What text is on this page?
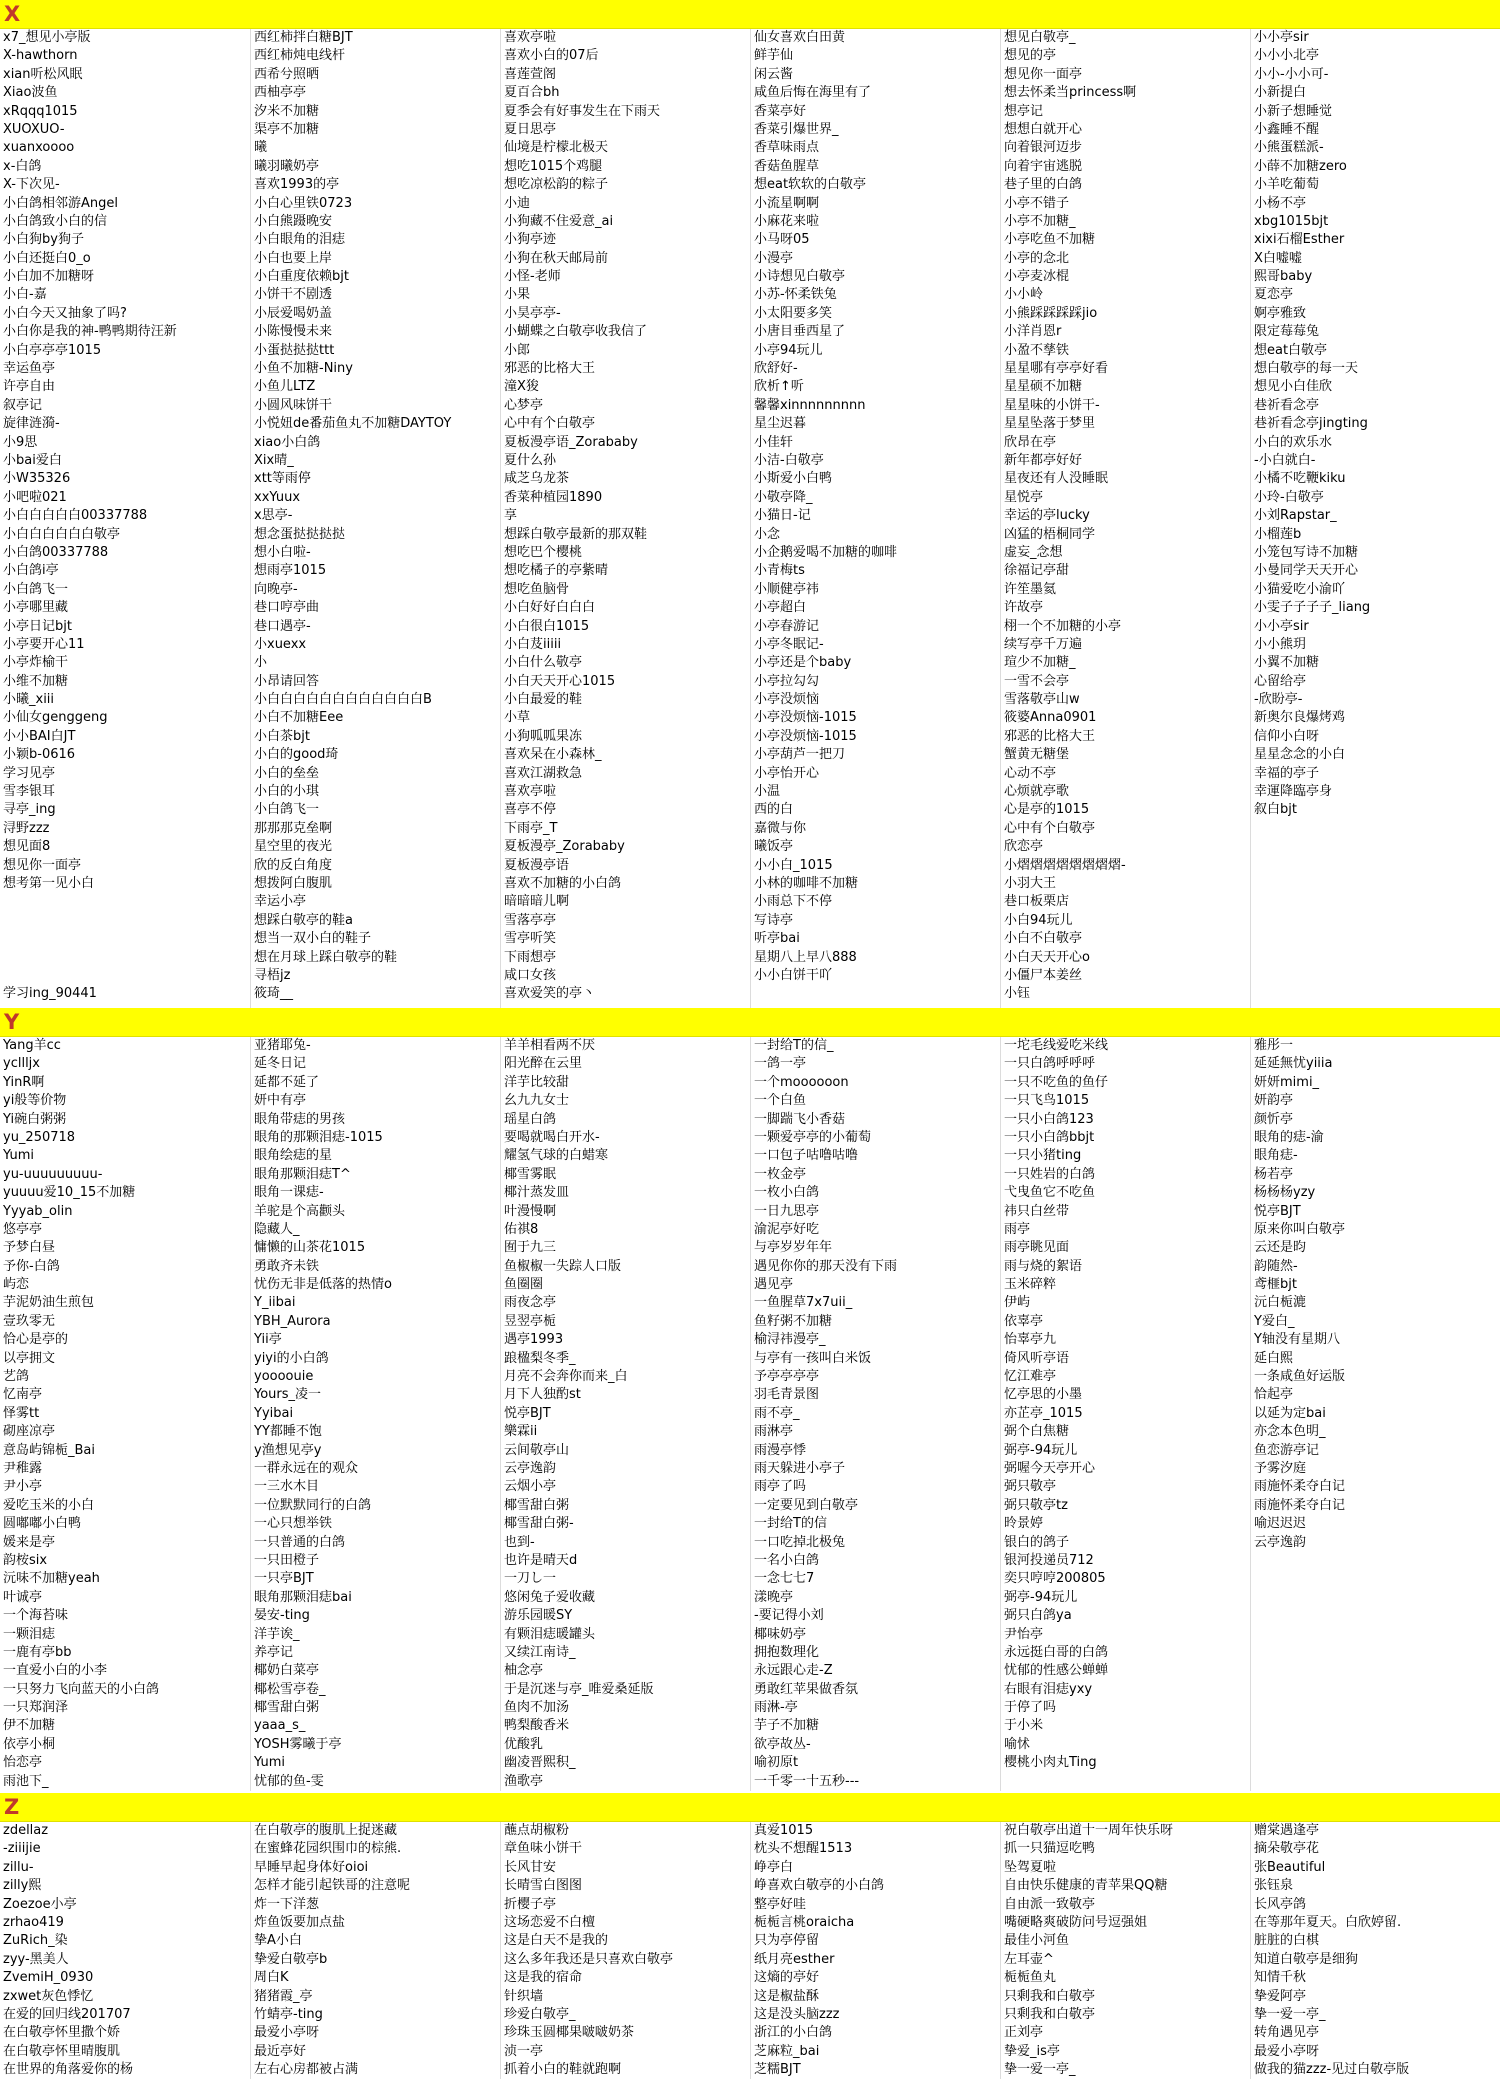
X
x7_想见小亭版
X-hawthorn
xian听松风眠
Xiao波鱼
xRqqq1015
XUOXUO-
xuanxoooo
x-白鸽
X-下次见-
小白鸽相邻游Angel
小白鸽致小白的信
小白狗by狗子
小白还挺白0_o
小白加不加糖呀
小白-嘉
小白今天又抽象了吗?
小白你是我的神-鸭鸭期待汪新
小白亭亭亭1015
幸运鱼亭
许亭自由
叙亭记
旋律涟漪-
小9思
小bai爱白
小W35326
小吧啦021
小白白白白白00337788
小白白白白白白敬亭
小白鸽00337788
小白鸽i亭
小白鸽飞一
小亭哪里藏
小亭日记bjt
小亭要开心11
小亭炸榆干
小维不加糖
小曦_xiii
小仙女genggeng
小小BAI白JT
小颖b-0616
学习见亭
雪李银耳
寻亭_ing
浔野zzz
想见面8
想见你一面亭
想考第一见小白
学习ing_90441
西红柿拌白糖BJT
西红柿炖电线杆
西希兮照晒
西柚亭亭
汐米不加糖
渠亭不加糖
曦
曦羽曦奶亭
喜欢1993的亭
小白心里铁0723
小白熊蹑晚安
小白眼角的泪痣
小白也要上岸
小白重度依赖bjt
小饼干不剧透
小辰爱喝奶盖
小陈慢慢未来
小蛋挞挞挞ttt
小鱼不加糖-Niny
小鱼儿LTZ
小圆风味饼干
小悦妞de番茄鱼丸不加糖DAYTOY
xiao小白鸽
Xix晴_
xtt等雨停
xxYuux
x思亭-
想念蛋挞挞挞挞
想小白啦-
想雨亭1015
向晚亭-
巷口哼亭曲
巷口遇亭-
小xuexx
小
小昂请回答
小白白白白白白白白白白白白B
小白不加糖Eee
小白茶bjt
小白的good琦
小白的垒垒
小白的小琪
小白鸽飞一
那那那克垒啊
星空里的夜光
欣的反白角度
想拨阿白腹肌
幸运小亭
想踩白敬亭的鞋a
想当一双小白的鞋子
想在月球上踩白敬亭的鞋
寻梧jz
筱琦__
喜欢亭啦
喜欢小白的07后
喜莲萱阁
夏百合bh
夏季会有好事发生在下雨天
夏日思亭
仙境是柠檬北极天
想吃1015个鸡腿
想吃凉松韵的粽子
小迪
小狗藏不住爱意_ai
小狗亭迹
小狗在秋天邮局前
小怪-老师
小果
小昊亭亭-
小蝴蝶之白敬亭收我信了
小郎
邪恶的比格大王
潼X狻
心梦亭
心中有个白敬亭
夏板漫亭语_Zorababy
夏什么孙
咸芝乌龙茶
香菜种植园1890
享
想踩白敬亭最新的那双鞋
想吃巴个樱桃
想吃橘子的亭紫晴
想吃鱼脑骨
小白好好白白白
小白很白1015
小白芨iiiii
小白什么敬亭
小白天天开心1015
小白最爱的鞋
小草
小狗呱呱果冻
喜欢呆在小森林_
喜欢江湖救急
喜欢亭啦
喜亭不停
下雨亭_T
夏板漫亭_Zorababy
夏板漫亭语
喜欢不加糖的小白鸽
暗暗暗儿啊
雪落亭亭
雪亭听笑
下雨想亭
咸口女孩
喜欢爱笑的亭丶
仙女喜欢白田黄
鲜芋仙
闲云酱
咸鱼后悔在海里有了
香菜亭好
香菜引爆世界_
香草味雨点
香菇鱼腥草
想eat软软的白敬亭
小流星啊啊
小麻花来啦
小马呀05
小漫亭
小诗想见白敬亭
小苏-怀柔铁兔
小太阳要多笑
小唐目垂西星了
小亭94玩儿
欣舒好-
欣析↑听
馨馨xinnnnnnnnn
星尘迟暮
小佳轩
小洁-白敬亭
小斯爱小白鸭
小敬亭降_
小猫日-记
小念
小企鹅爱喝不加糖的咖啡
小青梅ts
小顺健亭祎
小亭超白
小亭春游记
小亭冬眠记-
小亭还是个baby
小亭拉勾勾
小亭没烦恼
小亭没烦恼-1015
小亭没烦恼-1015
小亭葫芦一把刀
小亭怡开心
小温
西的白
嘉微与你
曦饭亭
小小白_1015
小林的咖啡不加糖
小雨总下不停
写诗亭
听亭bai
星期八上早八888
小小白饼干吖
想见白敬亭_
想见的亭
想见你一面亭
想去怀柔当princess啊
想亭记
想想白就开心
向着银河迈步
向着宇宙逃脱
巷子里的白鸽
小亭不错子
小亭不加糖_
小亭吃鱼不加糖
小亭的念北
小亭麦冰棍
小小岭
小熊踩踩踩踩jio
小洋肖恩r
小盈不孳铁
星星哪有亭亭好看
星星硕不加糖
星星味的小饼干-
星星坠落于梦里
欣昂在亭
新年都亭好好
星夜还有人没睡眠
星悦亭
幸运的亭lucky
凶猛的梧桐同学
虚妄_念想
徐福记亭甜
许笙墨氦
许故亭
栩一个不加糖的小亭
续写亭千万遍
瑄少不加糖_
一雪不会亭
雪落敬亭山w
筱婆Anna0901
邪恶的比格大王
蟹黄无糖堡
心动不亭
心烦就亭歌
心是亭的1015
心中有个白敬亭
欣恋亭
小熠熠熠熠熠熠熠熠-
小羽大王
巷口板栗店
小白94玩儿
小白不白敬亭
小白天天开心o
小僵尸本姜丝
小钰
小小亭sir
小小小北亭
小小-小小可-
小新提白
小新子想睡觉
小鑫睡不醒
小熊蛋糕派-
小薛不加糖zero
小羊吃葡萄
小杨不亭
xbg1015bjt
xixi石榴Esther
X白嘘嘘
熙哥baby
夏恋亭
婀亭雅致
限定莓莓兔
想eat白敬亭
想白敬亭的每一天
想见小白佳欣
巷祈看念亭
巷祈看念亭jingting
小白的欢乐水
-小白就白-
小橘不吃鞭kiku
小玲-白敬亭
小刘Rapstar_
小榴莲b
小笼包写诗不加糖
小曼同学天天开心
小猫爱吃小渝吖
小雯子子子子_liang
小小亭sir
小小熊玥
小翼不加糖
心留给亭
-欣盼亭-
新奥尔良爆烤鸡
信仰小白呀
星星念念的小白
幸福的亭子
幸運降臨亭身
叙白bjt
Y
Yang羊cc
ycllljx
YinR啊
yi般等价物
Yi碗白粥粥
yu_250718
Yumi
yu-uuuuuuuuu-
yuuuu爱10_15不加糖
Yyyab_olin
悠亭亭
予梦白昼
予你-白鸽
屿恋
芋泥奶油生煎包
壹玖零无
恰心是亭的
以亭拥文
艺鸽
忆南亭
怿雾tt
砌座凉亭
意岛屿锦栀_Bai
尹稚露
尹小亭
爱吃玉米的小白
圆嘟嘟小白鸭
媛来是亭
韵桉six
沅味不加糖yeah
叶诚亭
一个海苔味
一颗泪痣
一鹿有亭bb
一直爱小白的小李
一只努力飞向蓝天的小白鸽
一只郑润泽
伊不加糖
依亭小桐
怡恋亭
雨池下_
亚猪耶兔-
延冬日记
延都不延了
妍中有亭
眼角带痣的男孩
眼角的那颗泪痣-1015
眼角绘痣的星
眼角那颗泪痣T^
眼角一课痣-
羊驼是个高颧头
隐藏人_
慵懒的山茶花1015
勇敢齐未铁
忧伤无非是低落的热情o
Y_iibai
YBH_Aurora
Yii亭
yiyi的小白鸽
yoooouie
Yours_凌一
Yyibai
YY都睡不饱
y渔想见亭y
一群永远在的观众
一三水木目
一位默默同行的白鸽
一心只想举铁
一只普通的白鸽
一只田橙子
一只亭BJT
眼角那颗泪痣bai
晏安-ting
洋芋诶_
养亭记
椰奶白菜亭
椰松雪亭卷_
椰雪甜白粥
yaaa_s_
YOSH雾曦于亭
Yumi
忧郁的鱼-雯
羊羊相看两不厌
阳光醉在云里
洋芋比较甜
幺九九女士
瑶星白鸽
要喝就喝白开水-
耀氢气球的白蜡寒
椰雪雾眠
椰汁蒸发皿
叶漫慢啊
佑祺8
囿于九三
鱼椒椒一失踪人口版
鱼圈圈
雨夜念亭
昱翌亭栀
遇亭1993
踉楹梨冬季_
月亮不会奔你而来_白
月下人独酌st
悦亭BJT
樂霖ii
云间敬亭山
云亭逸韵
云烟小亭
椰雪甜白粥
椰雪甜白粥-
也到-
也许是晴天d
一刀し一
悠闲兔子爱收藏
游乐园暖SY
有颗泪痣暖罐头
又续江南诗_
柚念亭
于是沉迷与亭_唯爱桑延版
鱼肉不加汤
鸭梨酸香米
优酸乳
幽凌晋熙积_
渔歌亭
一封给T的信_
一鸽一亭
一个moooooon
一个白鱼
一脚踹飞小香菇
一颗爱亭亭的小葡萄
一口包子咕噜咕噜
一枚金亭
一枚小白鸽
一日九思亭
渝泥亭好吃
与亭岁岁年年
遇见你你的那天没有下雨
遇见亭
一鱼腥草7x7uii_
鱼籽粥不加糖
榆浔祎漫亭_
与亭有一孩叫白米饭
予亭亭亭亭
羽毛青景图
雨不亭_
雨淋亭
雨漫亭悸
雨天躲进小亭子
雨亭了吗
一定要见到白敬亭
一封给T的信
一口吃掉北极兔
一名小白鸽
一念七七7
漾晚亭
-要记得小刘
椰味奶亭
拥抱数理化
永远跟心走-Z
勇敢红苹果做香氛
雨淋-亭
芋子不加糖
欲亭故丛-
喻初原t
一千零一十五秒---
一坨毛线爱吃米线
一只白鸽呼呼呼
一只不吃鱼的鱼仔
一只飞鸟1015
一只小白鸽123
一只小白鸽bbjt
一只小猪ting
一只姓岩的白鸽
弋曳鱼它不吃鱼
祎只白丝带
雨亭
雨亭眺见面
雨与烧的絮语
玉米碎粹
伊屿
依辜亭
怡辜亭九
倚风听亭语
忆江难亭
忆亭思的小墨
亦芷亭_1015
弼个白焦糖
弼亭-94玩儿
弼喔今天亭开心
弼只敬亭
弼只敬亭tz
昤景婷
银白的鸽子
银河投递员712
奕只哼哼200805
弼亭-94玩儿
弼只白鸽ya
尹怡亭
永远挺白哥的白鸽
忧郁的性感公蝉蝉
右眼有泪痣yxy
于停了吗
于小米
喻怵
樱桃小肉丸Ting
雅彤一
延延無忧yiiia
妍妍mimi_
妍韵亭
颜忻亭
眼角的痣-渝
眼角痣-
杨若亭
杨杨杨yzy
悦亭BJT
原来你叫白敬亭
云还是昀
韵随然-
鸢榧bjt
沅白栀漉
Y爱白_
Y轴没有星期八
延白熙
一条咸鱼好运版
恰起亭
以延为定bai
亦念本色明_
鱼恋游亭记
予雾汐庭
雨施怀柔夺白记
雨施怀柔夺白记
喻迟迟迟
云亭逸韵
Z
zdellaz
-ziiijie
zillu-
zilly熙
Zoezoe小亭
zrhao419
ZuRich_染
zyy-黑美人
ZvemiH_0930
zxwet灰色悸忆
在爱的回归线201707
在白敬亭怀里撒个娇
在白敬亭怀里晴腹肌
在世界的角落爱你的杨
在白敬亭的腹肌上捉迷藏
在蜜蜂花园织围巾的棕熊.
早睡早起身体好oioi
怎样才能引起铁哥的注意呢
炸一下洋葱
炸鱼饭要加点盐
挚A小白
挚爱白敬亭b
周白K
猪猪霞_亭
竹蜻亭-ting
最爱小亭呀
最近亭好
左右心房都被占满
蘸点胡椒粉
章鱼味小饼干
长风甘安
长晴雪白图图
折樱子亭
这场恋爱不白檀
这是白天不是我的
这么多年我还是只喜欢白敬亭
这是我的宿命
针织墙
珍爱白敬亭_
珍珠玉圆椰果啵啵奶茶
浈一亭
抓着小白的鞋就跑啊
真爱1015
枕头不想醒1513
峥亭白
峥喜欢白敬亭的小白鸽
整亭好哇
栀栀言桃oraicha
只为亭停留
纸月亮esther
这熵的亭好
这是椒盐酥
这是没头脑zzz
浙江的小白鸽
芝麻粒_bai
芝糯BJT
祝白敬亭出道十一周年快乐呀
抓一只猫逗吃鸭
坠驾夏啦
自由快乐健康的青苹果QQ糖
自由派一致敬亭
嘴硬略爽破防问号逗强姐
最佳小河鱼
左耳壶^
栀栀鱼丸
只剩我和白敬亭
只剩我和白敬亭
正刘亭
挚爱_is亭
挚一爱一亭_
赠棠遇逢亭
摘朵敬亭花
张Beautiful
张钰泉
长风亭鸽
在等那年夏天。白欣婷留.
脏脏的白棋
知道白敬亭是细狗
知情千秋
挚爱阿亭
挚一爱一亭_
转角遇见亭
最爱小亭呀
做我的猫zzz-见过白敬亭版
